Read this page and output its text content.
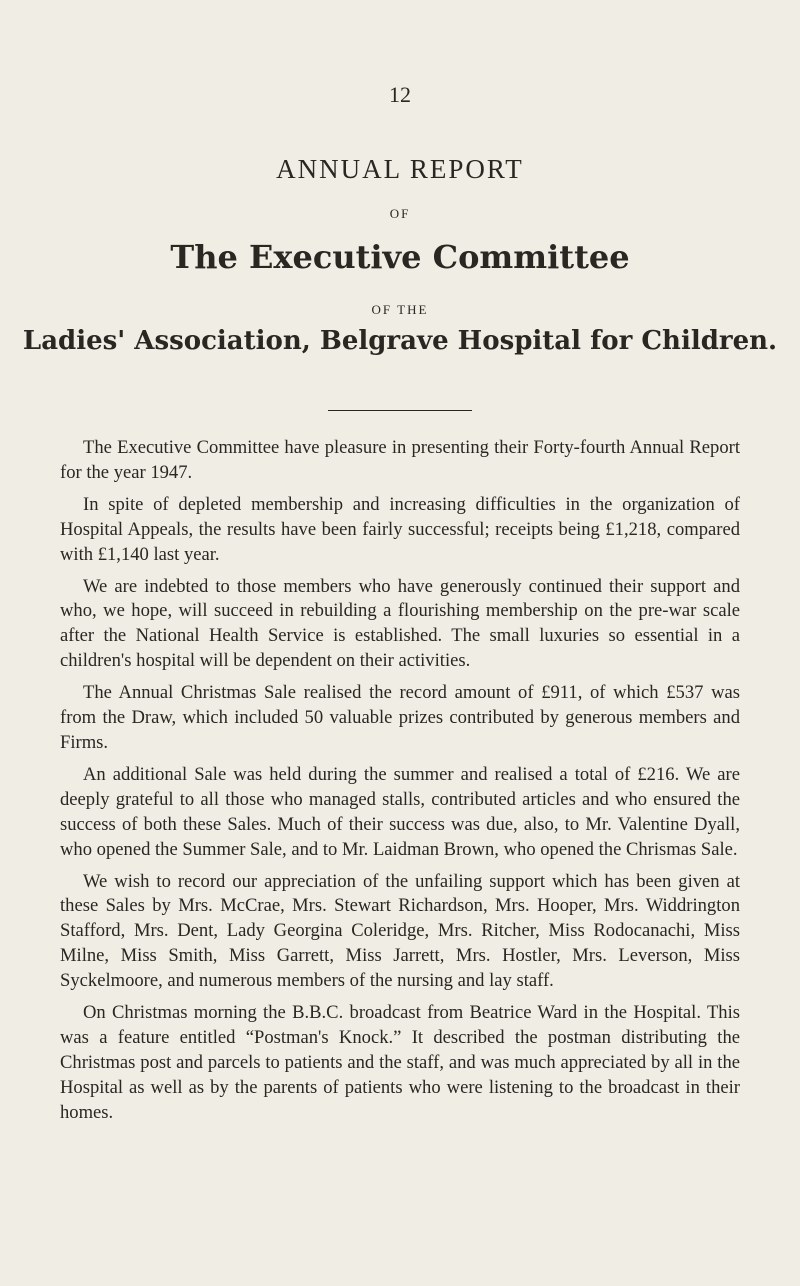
12
ANNUAL REPORT
OF
The Executive Committee
OF THE
Ladies' Association, Belgrave Hospital for Children.

The Executive Committee have pleasure in presenting their Forty-fourth Annual Report for the year 1947.

In spite of depleted membership and increasing difficulties in the organization of Hospital Appeals, the results have been fairly successful; receipts being £1,218, compared with £1,140 last year.

We are indebted to those members who have generously continued their support and who, we hope, will succeed in rebuilding a flourishing membership on the pre-war scale after the National Health Service is established. The small luxuries so essential in a children's hospital will be dependent on their activities.

The Annual Christmas Sale realised the record amount of £911, of which £537 was from the Draw, which included 50 valuable prizes contributed by generous members and Firms.

An additional Sale was held during the summer and realised a total of £216. We are deeply grateful to all those who managed stalls, contributed articles and who ensured the success of both these Sales. Much of their success was due, also, to Mr. Valentine Dyall, who opened the Summer Sale, and to Mr. Laidman Brown, who opened the Chrismas Sale.

We wish to record our appreciation of the unfailing support which has been given at these Sales by Mrs. McCrae, Mrs. Stewart Richardson, Mrs. Hooper, Mrs. Widdrington Stafford, Mrs. Dent, Lady Georgina Coleridge, Mrs. Ritcher, Miss Rodocanachi, Miss Milne, Miss Smith, Miss Garrett, Miss Jarrett, Mrs. Hostler, Mrs. Leverson, Miss Syckelmoore, and numerous members of the nursing and lay staff.

On Christmas morning the B.B.C. broadcast from Beatrice Ward in the Hospital. This was a feature entitled “Postman's Knock.” It described the postman distributing the Christmas post and parcels to patients and the staff, and was much appreciated by all in the Hospital as well as by the parents of patients who were listening to the broadcast in their homes.
